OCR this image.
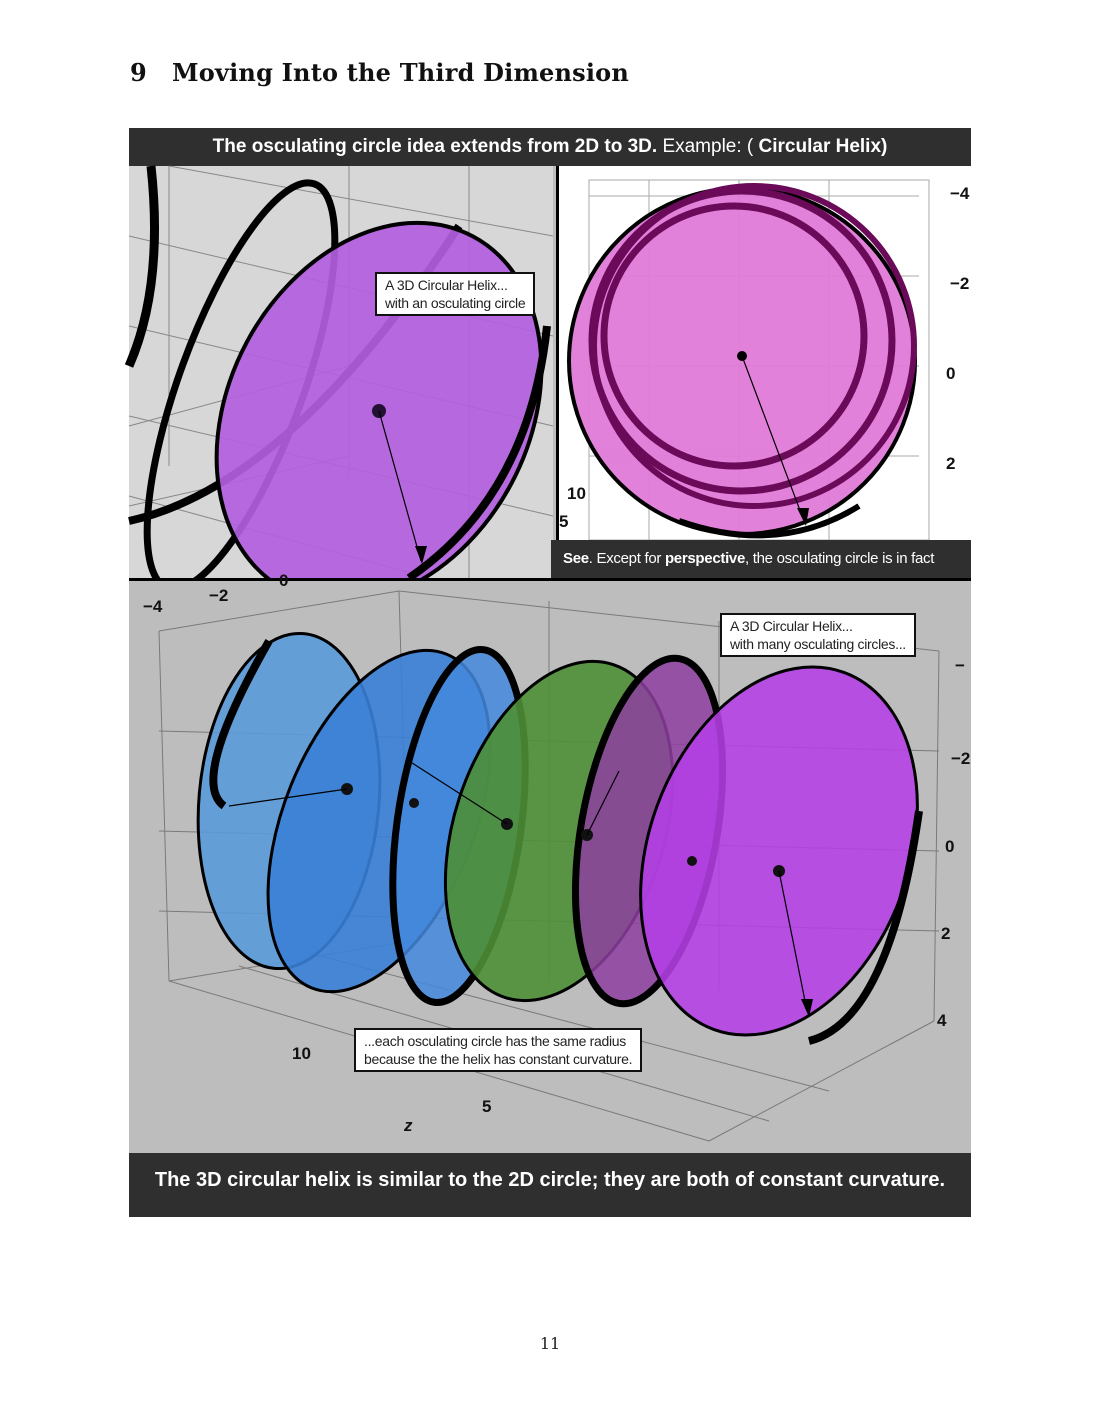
9 Moving Into the Third Dimension
The osculating circle idea extends from 2D to 3D. Example: ( Circular Helix)
A 3D Circular Helix...
with an osculating circle
−4
−2
0
2
10
5
See. Except for perspective, the osculating circle is in fact
−4
−2
0
−
−2
0
2
4
10
5
z
A 3D Circular Helix...
with many osculating circles...
...each osculating circle has the same radius
because the the helix has constant curvature.
The 3D circular helix is similar to the 2D circle; they are both of constant curvature.
11
